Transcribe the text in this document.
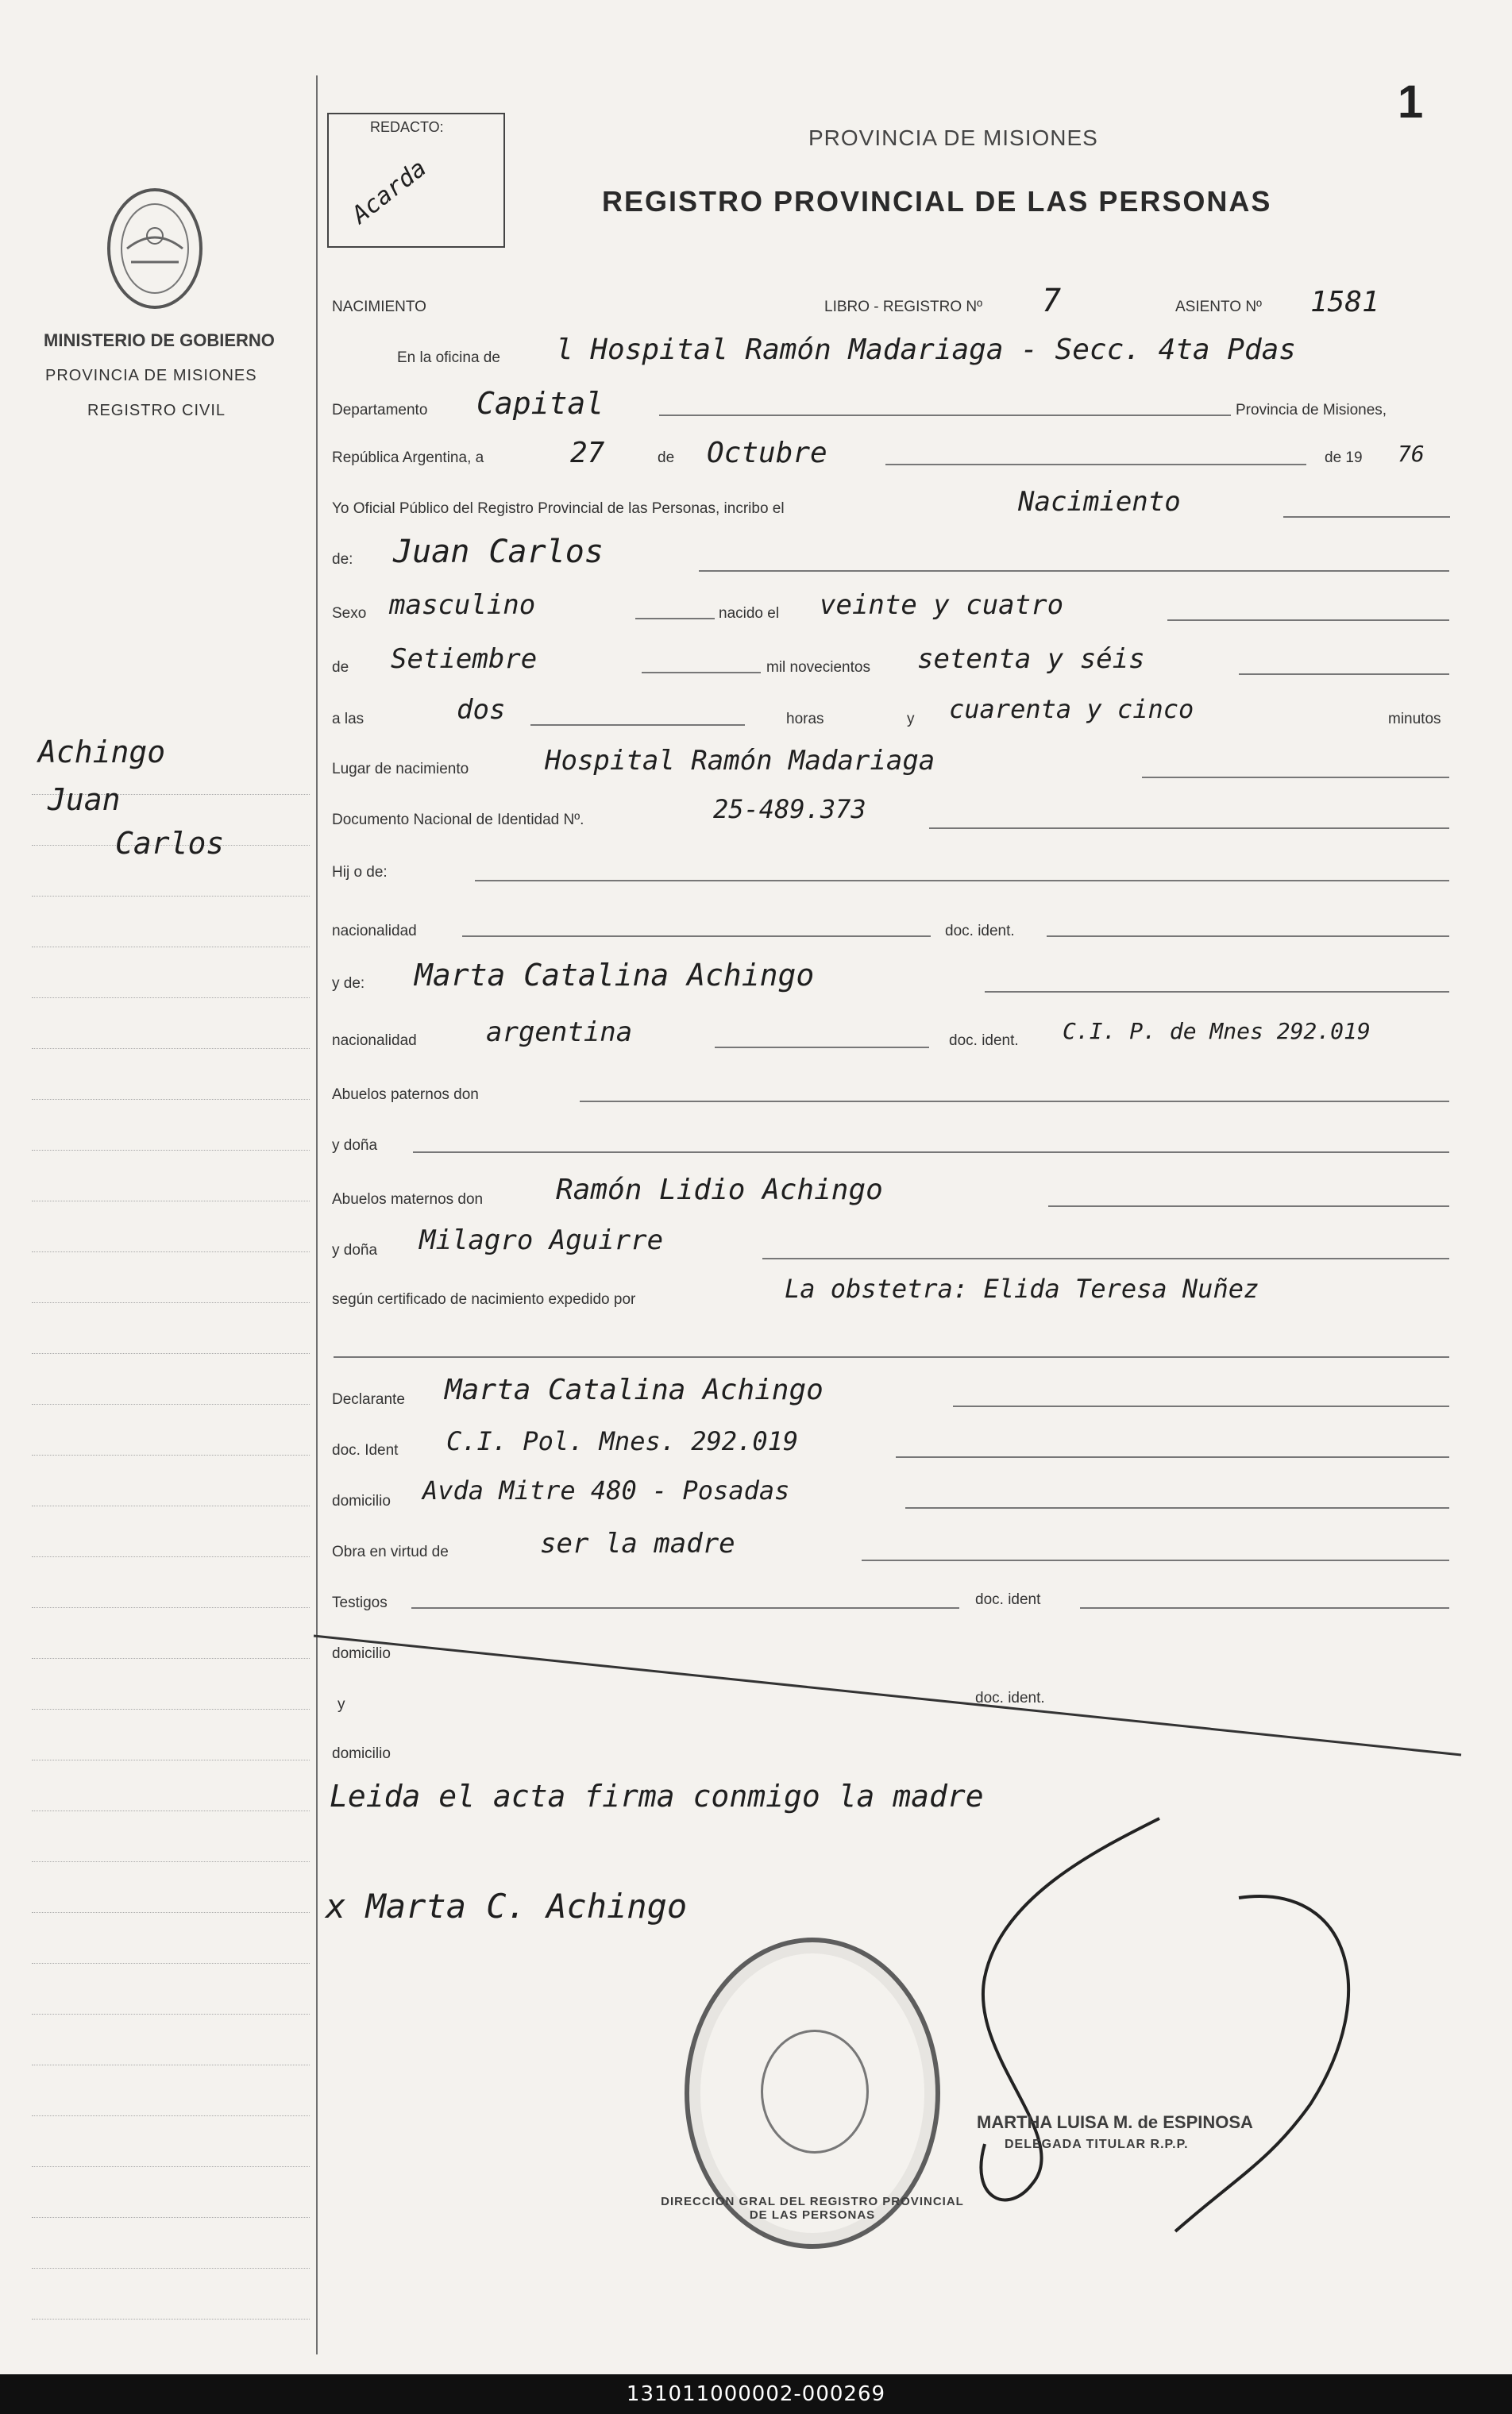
1
REDACTO:
Acarda
MINISTERIO DE GOBIERNO
PROVINCIA DE MISIONES
REGISTRO CIVIL
Achingo
Juan
Carlos
PROVINCIA DE MISIONES
REGISTRO PROVINCIAL DE LAS PERSONAS
NACIMIENTO	LIBRO - REGISTRO Nº 7	ASIENTO Nº 1581
En la oficina de l Hospital Ramón Madariaga - Secc. 4ta Pdas
Departamento Capital	Provincia de Misiones,
República Argentina, a	27	de Octubre	de 19 76
Yo Oficial Público del Registro Provincial de las Personas, incribo el	Nacimiento
de: Juan Carlos
Sexo masculino	nacido el veinte y cuatro
de Setiembre	mil novecientos setenta y séis
a las	dos	horas	y cuarenta y cinco	minutos
Lugar de nacimiento	Hospital Ramón Madariaga
Documento Nacional de Identidad Nº.	25-489.373
Hij o de:
nacionalidad	doc. ident.
y de: Marta Catalina Achingo
nacionalidad	argentina	doc. ident. C.I. P. de Mnes 292.019
Abuelos paternos don
y doña
Abuelos maternos don	Ramón Lidio Achingo
y doña Milagro Aguirre
según certificado de nacimiento expedido por	La obstetra: Elida Teresa Nuñez
Declarante Marta Catalina Achingo
doc. Ident C.I. Pol. Mnes. 292.019
domicilio Avda Mitre 480 - Posadas
Obra en virtud de	ser la madre
Testigos	doc. ident
domicilio
y	doc. ident.
domicilio
Leida el acta firma conmigo la madre
x Marta C. Achingo
DIRECCION GRAL DEL REGISTRO PROVINCIAL DE LAS PERSONAS
MARTHA LUISA M. de ESPINOSA
DELEGADA TITULAR R.P.P.
131011000002-000269
